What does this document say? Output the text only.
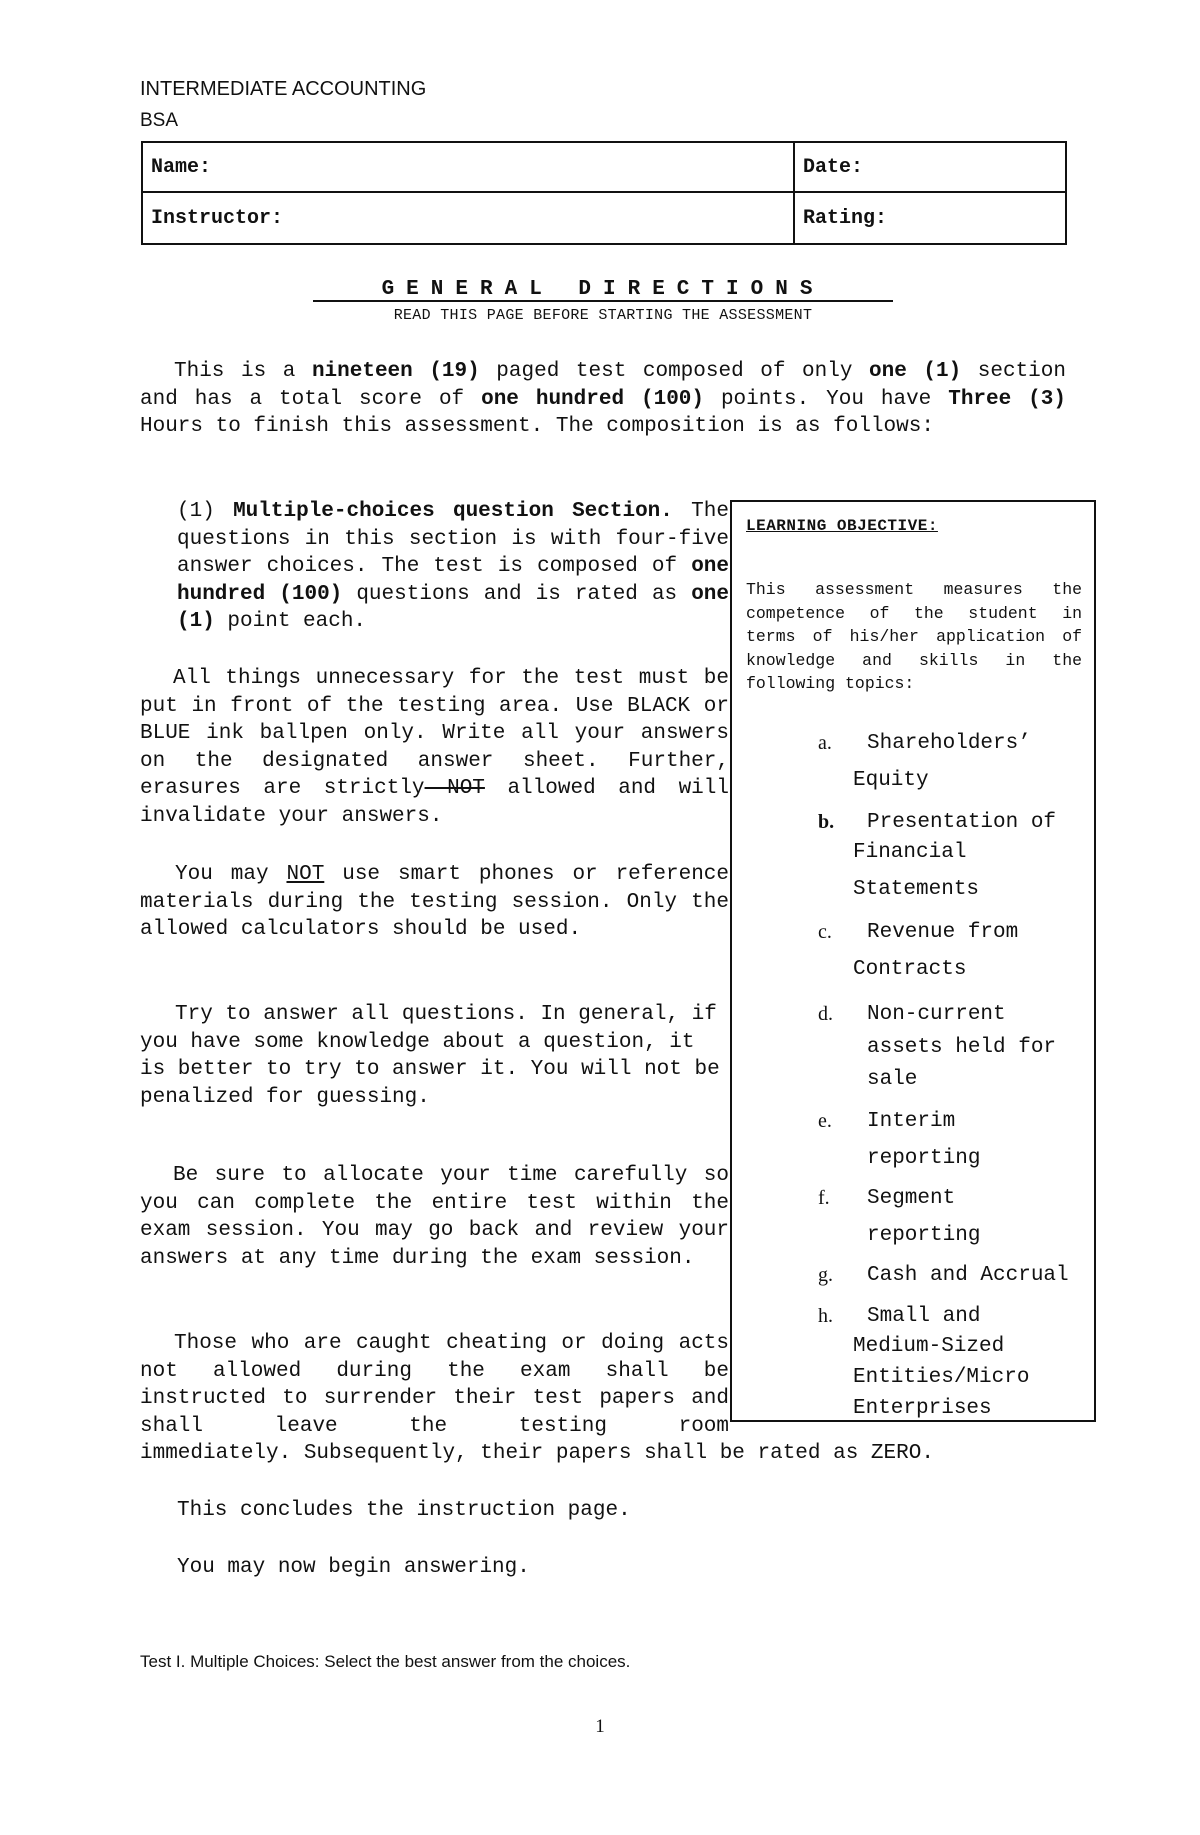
INTERMEDIATE ACCOUNTING
BSA
Name:	Date:
Instructor:	Rating:
GENERAL DIRECTIONS
READ THIS PAGE BEFORE STARTING THE ASSESSMENT

This is a nineteen (19) paged test composed of only one (1) section and has a total score of one hundred (100) points. You have Three (3) Hours to finish this assessment. The composition is as follows:

(1) Multiple-choices question Section. The questions in this section is with four-five answer choices. The test is composed of one hundred (100) questions and is rated as one (1) point each.

All things unnecessary for the test must be put in front of the testing area. Use BLACK or BLUE ink ballpen only. Write all your answers on the designated answer sheet. Further, erasures are strictly NOT allowed and will invalidate your answers.

You may NOT use smart phones or reference materials during the testing session. Only the allowed calculators should be used.

Try to answer all questions. In general, if you have some knowledge about a question, it is better to try to answer it. You will not be penalized for guessing.

Be sure to allocate your time carefully so you can complete the entire test within the exam session. You may go back and review your answers at any time during the exam session.

Those who are caught cheating or doing acts not allowed during the exam shall be instructed to surrender their test papers and shall leave the testing room

immediately. Subsequently, their papers shall be rated as ZERO.

This concludes the instruction page.

You may now begin answering.

LEARNING OBJECTIVE:

This assessment measures the competence of the student in terms of his/her application of knowledge and skills in the following topics:

a. Shareholders’
Equity
b. Presentation of
Financial
Statements
c. Revenue from
Contracts
d. Non-current
assets held for
sale
e. Interim
reporting
f. Segment
reporting
g. Cash and Accrual
h. Small and
Medium-Sized
Entities/Micro
Enterprises
Test I. Multiple Choices: Select the best answer from the choices.
1
